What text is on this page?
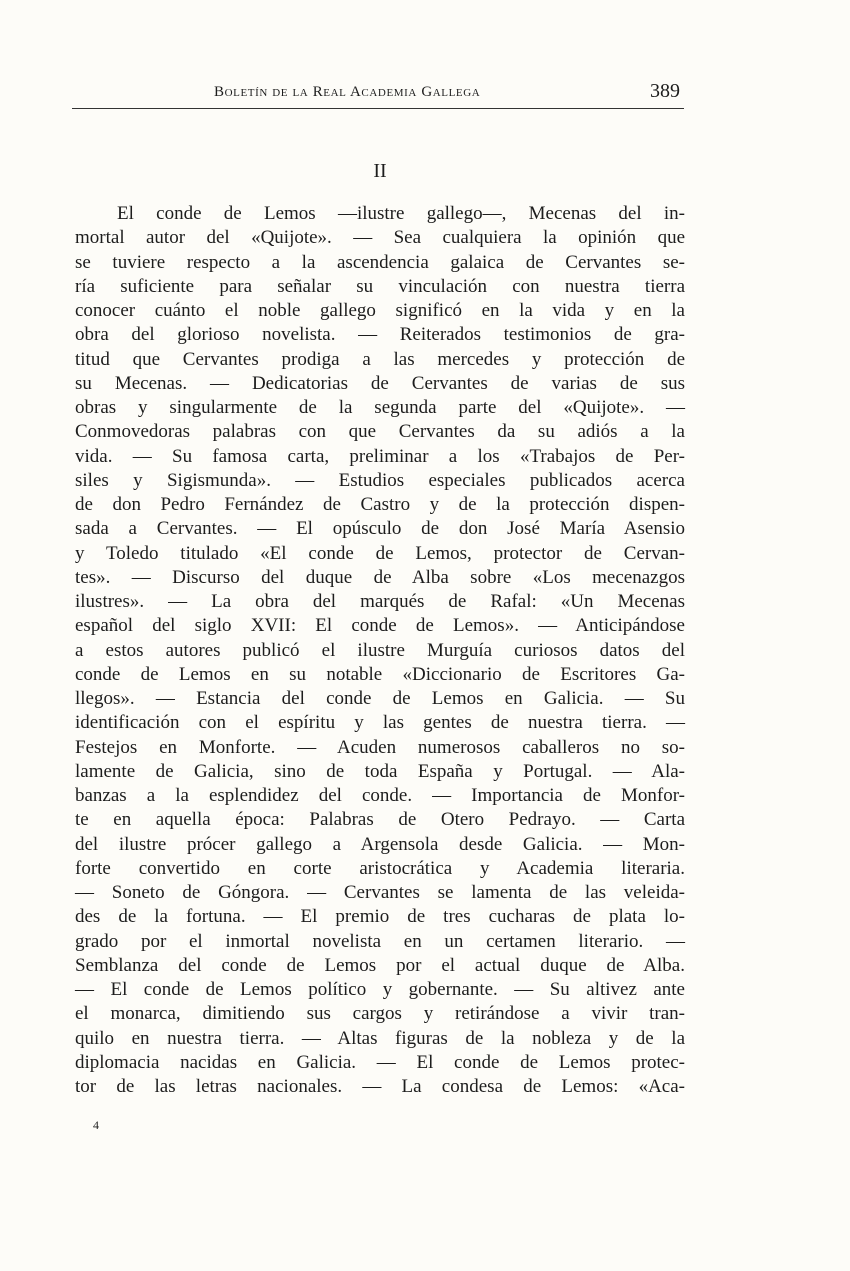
Boletín de la Real Academia Gallega	389
II
El conde de Lemos —ilustre gallego—, Mecenas del in-
mortal autor del «Quijote». — Sea cualquiera la opinión que
se tuviere respecto a la ascendencia galaica de Cervantes se-
ría suficiente para señalar su vinculación con nuestra tierra
conocer cuánto el noble gallego significó en la vida y en la
obra del glorioso novelista. — Reiterados testimonios de gra-
titud que Cervantes prodiga a las mercedes y protección de
su Mecenas. — Dedicatorias de Cervantes de varias de sus
obras y singularmente de la segunda parte del «Quijote». —
Conmovedoras palabras con que Cervantes da su adiós a la
vida. — Su famosa carta, preliminar a los «Trabajos de Per-
siles y Sigismunda». — Estudios especiales publicados acerca
de don Pedro Fernández de Castro y de la protección dispen-
sada a Cervantes. — El opúsculo de don José María Asensio
y Toledo titulado «El conde de Lemos, protector de Cervan-
tes». — Discurso del duque de Alba sobre «Los mecenazgos
ilustres». — La obra del marqués de Rafal: «Un Mecenas
español del siglo XVII: El conde de Lemos». — Anticipándose
a estos autores publicó el ilustre Murguía curiosos datos del
conde de Lemos en su notable «Diccionario de Escritores Ga-
llegos». — Estancia del conde de Lemos en Galicia. — Su
identificación con el espíritu y las gentes de nuestra tierra. —
Festejos en Monforte. — Acuden numerosos caballeros no so-
lamente de Galicia, sino de toda España y Portugal. — Ala-
banzas a la esplendidez del conde. — Importancia de Monfor-
te en aquella época: Palabras de Otero Pedrayo. — Carta
del ilustre prócer gallego a Argensola desde Galicia. — Mon-
forte convertido en corte aristocrática y Academia literaria.
— Soneto de Góngora. — Cervantes se lamenta de las veleida-
des de la fortuna. — El premio de tres cucharas de plata lo-
grado por el inmortal novelista en un certamen literario. —
Semblanza del conde de Lemos por el actual duque de Alba.
— El conde de Lemos político y gobernante. — Su altivez ante
el monarca, dimitiendo sus cargos y retirándose a vivir tran-
quilo en nuestra tierra. — Altas figuras de la nobleza y de la
diplomacia nacidas en Galicia. — El conde de Lemos protec-
tor de las letras nacionales. — La condesa de Lemos: «Aca-
4
